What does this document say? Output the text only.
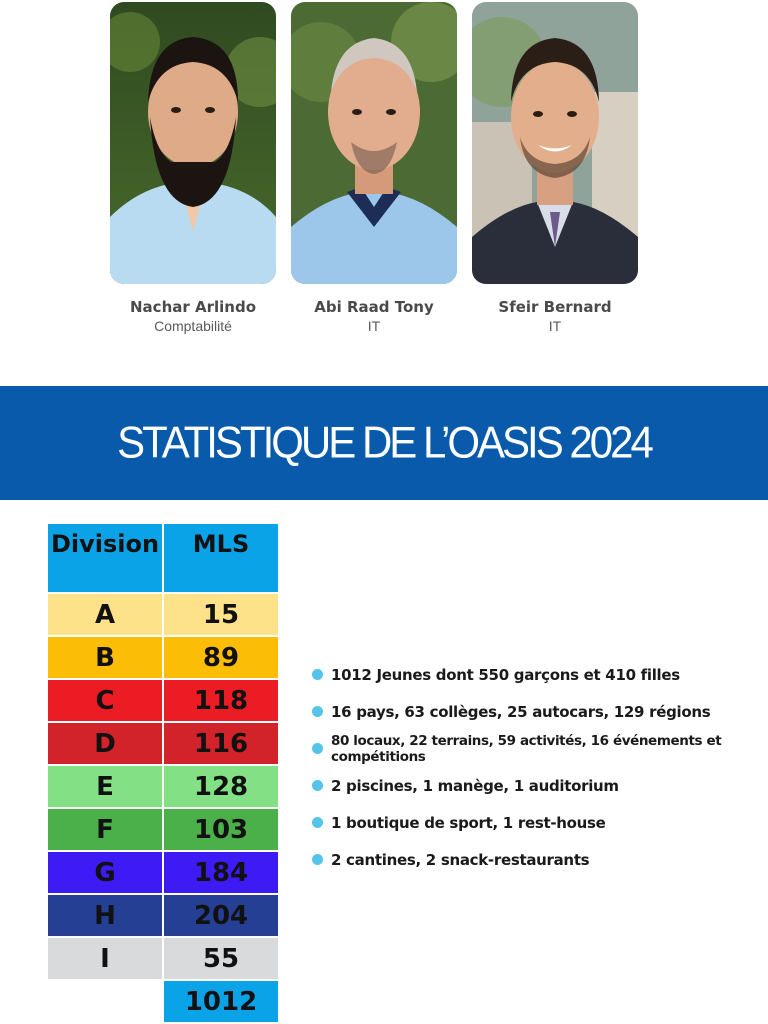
Nachar Arlindo
Comptabilité
Abi Raad Tony
IT
Sfeir Bernard
IT
STATISTIQUE DE L’OASIS 2024
Division	MLS
A	15
B	89
C	118
D	116
E	128
F	103
G	184
H	204
I	55
	1012
1012 Jeunes dont 550 garçons et 410 filles
16 pays, 63 collèges, 25 autocars, 129 régions
80 locaux, 22 terrains, 59 activités, 16 événements et compétitions
2 piscines, 1 manège, 1 auditorium
1 boutique de sport, 1 rest-house
2 cantines, 2 snack-restaurants
